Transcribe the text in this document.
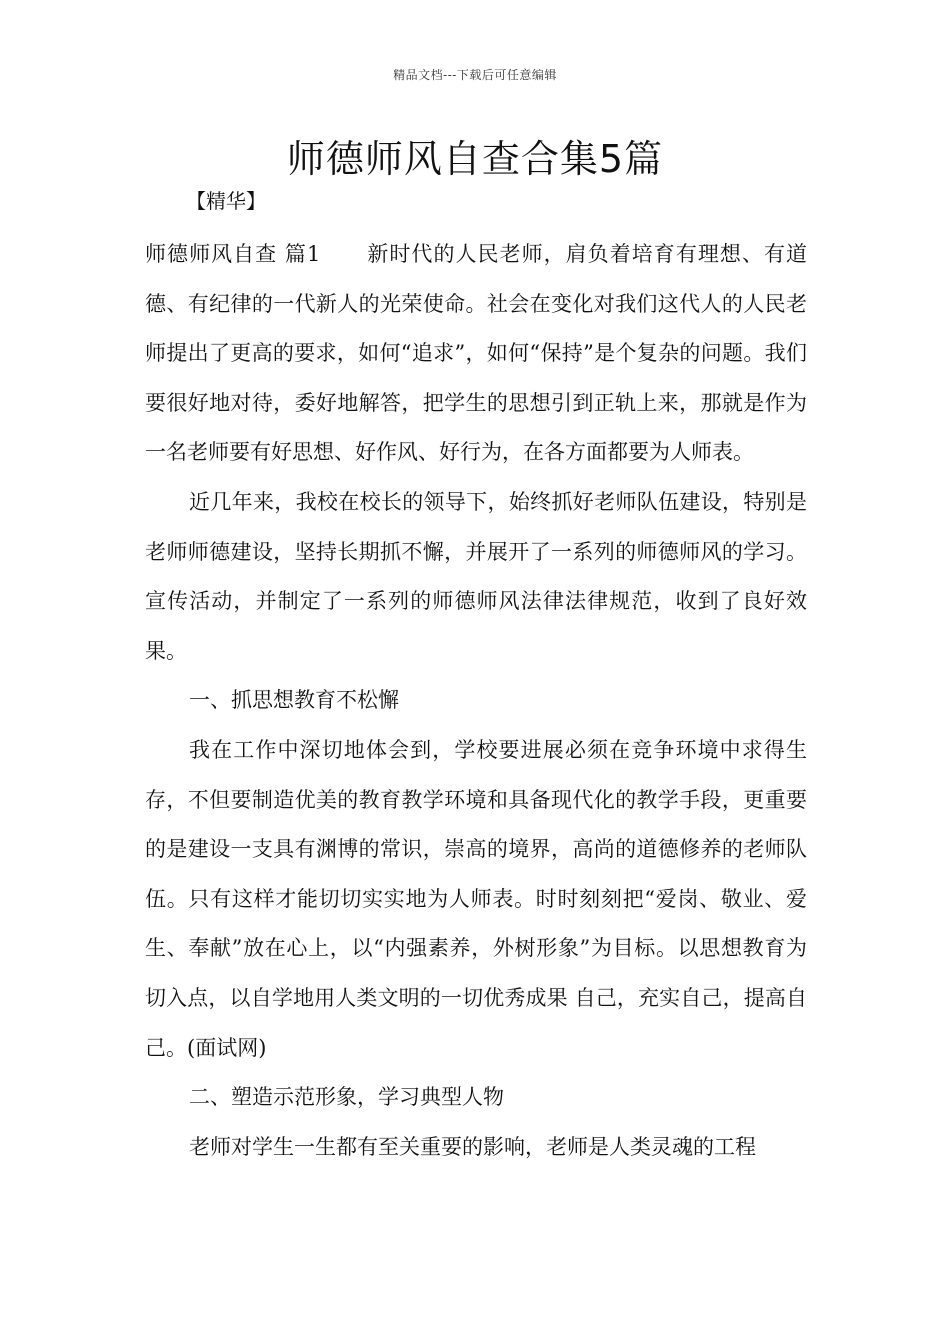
精品文档---下载后可任意编辑
师德师风自查合集5篇
【精华】

师德师风自查 篇1 新时代的人民老师，肩负着培育有理想、有道德、有纪律的一代新人的光荣使命。社会在变化对我们这代人的人民老师提出了更高的要求，如何“追求”，如何“保持”是个复杂的问题。我们要很好地对待，委好地解答，把学生的思想引到正轨上来，那就是作为一名老师要有好思想、好作风、好行为，在各方面都要为人师表。

近几年来，我校在校长的领导下，始终抓好老师队伍建设，特别是老师师德建设，坚持长期抓不懈，并展开了一系列的师德师风的学习。宣传活动，并制定了一系列的师德师风法律法律规范，收到了良好效果。

一、抓思想教育不松懈

我在工作中深切地体会到，学校要进展必须在竞争环境中求得生存，不但要制造优美的教育教学环境和具备现代化的教学手段，更重要的是建设一支具有渊博的常识，崇高的境界，高尚的道德修养的老师队伍。只有这样才能切切实实地为人师表。时时刻刻把“爱岗、敬业、爱生、奉献”放在心上，以“内强素养，外树形象”为目标。以思想教育为切入点，以自学地用人类文明的一切优秀成果 自己，充实自己，提高自己。(面试网)

二、塑造示范形象，学习典型人物

老师对学生一生都有至关重要的影响，老师是人类灵魂的工程
